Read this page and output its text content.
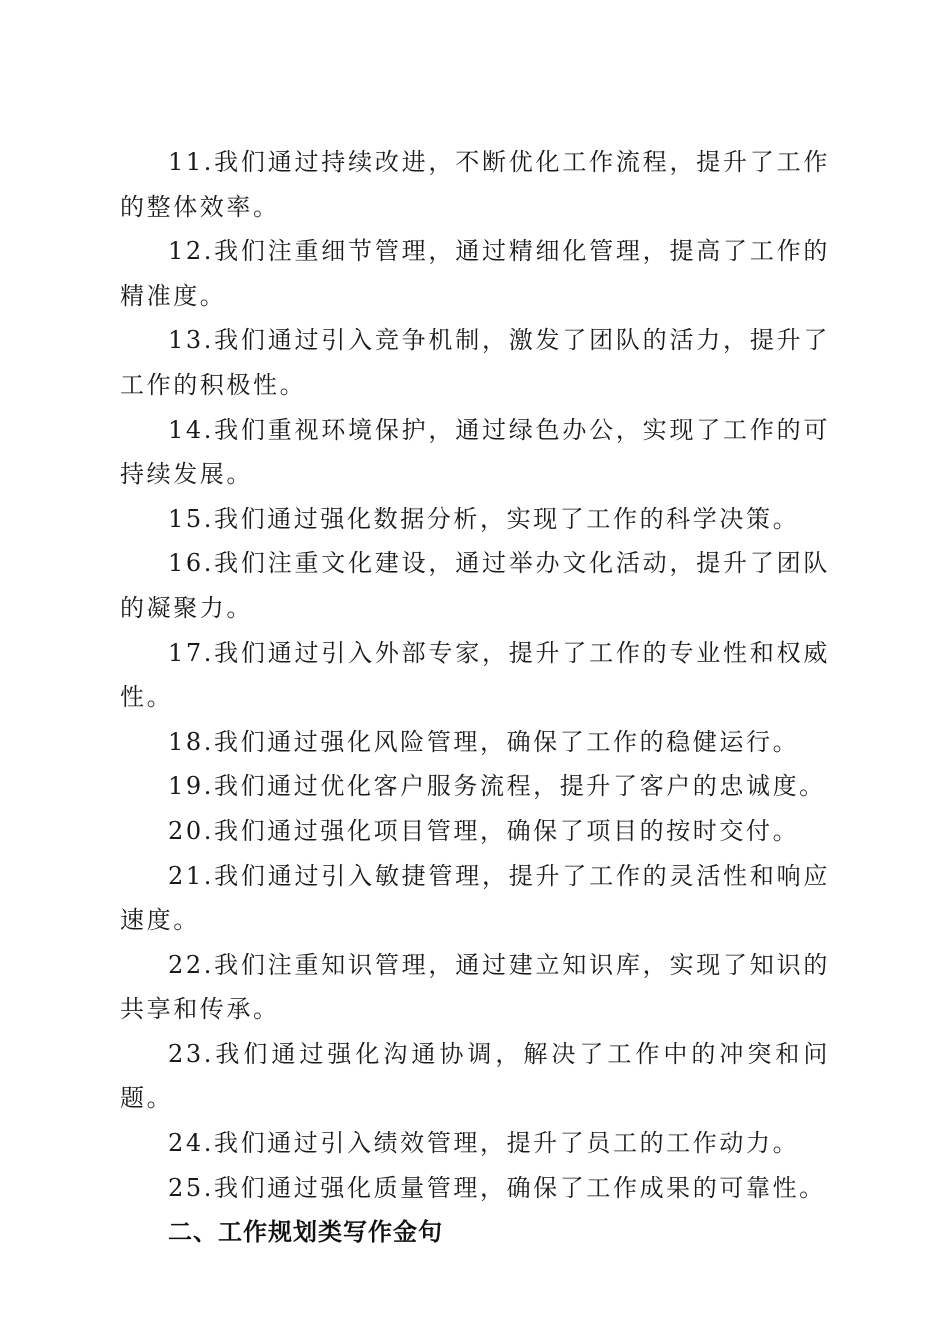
11.我们通过持续改进，不断优化工作流程，提升了工作的整体效率。

12.我们注重细节管理，通过精细化管理，提高了工作的精准度。

13.我们通过引入竞争机制，激发了团队的活力，提升了工作的积极性。

14.我们重视环境保护，通过绿色办公，实现了工作的可持续发展。

15.我们通过强化数据分析，实现了工作的科学决策。

16.我们注重文化建设，通过举办文化活动，提升了团队的凝聚力。

17.我们通过引入外部专家，提升了工作的专业性和权威性。

18.我们通过强化风险管理，确保了工作的稳健运行。

19.我们通过优化客户服务流程，提升了客户的忠诚度。

20.我们通过强化项目管理，确保了项目的按时交付。

21.我们通过引入敏捷管理，提升了工作的灵活性和响应速度。

22.我们注重知识管理，通过建立知识库，实现了知识的共享和传承。

23.我们通过强化沟通协调，解决了工作中的冲突和问题。

24.我们通过引入绩效管理，提升了员工的工作动力。

25.我们通过强化质量管理，确保了工作成果的可靠性。

二、工作规划类写作金句
